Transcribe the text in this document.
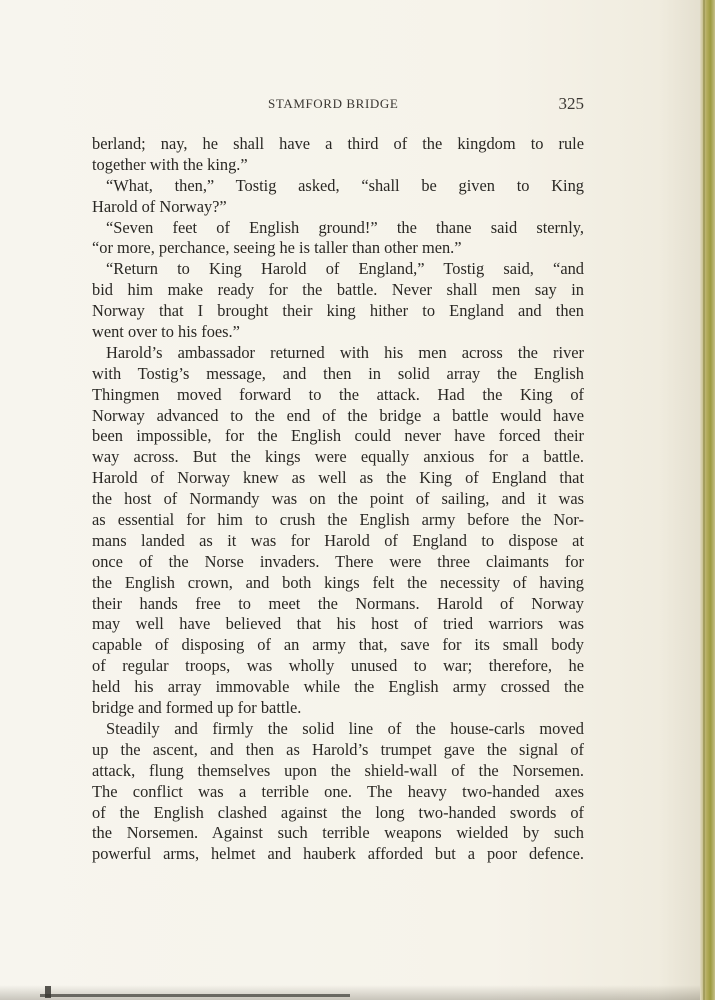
STAMFORD BRIDGE	325
berland; nay, he shall have a third of the kingdom to rule
together with the king.”
“What, then,” Tostig asked, “shall be given to King
Harold of Norway?”
“Seven feet of English ground!” the thane said sternly,
“or more, perchance, seeing he is taller than other men.”
“Return to King Harold of England,” Tostig said, “and
bid him make ready for the battle. Never shall men say in
Norway that I brought their king hither to England and then
went over to his foes.”
Harold’s ambassador returned with his men across the river
with Tostig’s message, and then in solid array the English
Thingmen moved forward to the attack. Had the King of
Norway advanced to the end of the bridge a battle would have
been impossible, for the English could never have forced their
way across. But the kings were equally anxious for a battle.
Harold of Norway knew as well as the King of England that
the host of Normandy was on the point of sailing, and it was
as essential for him to crush the English army before the Nor-
mans landed as it was for Harold of England to dispose at
once of the Norse invaders. There were three claimants for
the English crown, and both kings felt the necessity of having
their hands free to meet the Normans. Harold of Norway
may well have believed that his host of tried warriors was
capable of disposing of an army that, save for its small body
of regular troops, was wholly unused to war; therefore, he
held his array immovable while the English army crossed the
bridge and formed up for battle.
Steadily and firmly the solid line of the house-carls moved
up the ascent, and then as Harold’s trumpet gave the signal of
attack, flung themselves upon the shield-wall of the Norsemen.
The conflict was a terrible one. The heavy two-handed axes
of the English clashed against the long two-handed swords of
the Norsemen. Against such terrible weapons wielded by such
powerful arms, helmet and hauberk afforded but a poor defence.
